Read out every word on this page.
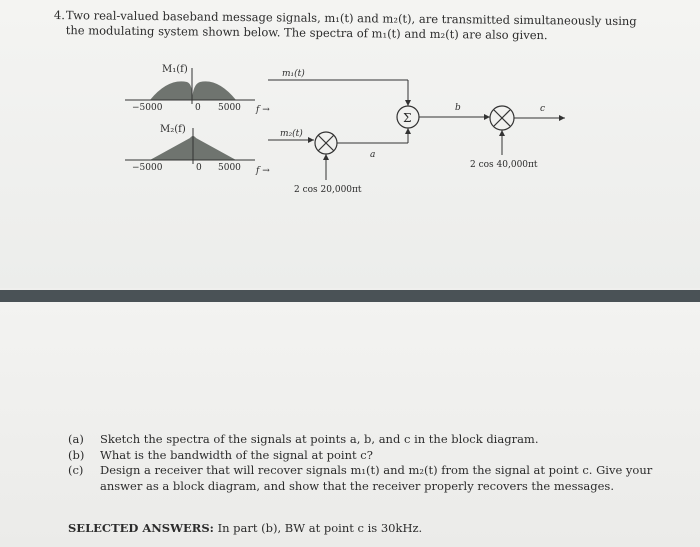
4. Two real-valued baseband message signals, m₁(t) and m₂(t), are transmitted simultaneously using the modulating system shown below. The spectra of m₁(t) and m₂(t) are also given.
M₁(f)
−5000	0 5000 f →
M₂(f)
−5000	0 5000 f →
m₁(t)
m₂(t)
2 cos 20,000πt
a
Σ
b
2 cos 40,000πt
c
(a) Sketch the spectra of the signals at points a, b, and c in the block diagram.
(b) What is the bandwidth of the signal at point c?
(c) Design a receiver that will recover signals m₁(t) and m₂(t) from the signal at point c. Give your answer as a block diagram, and show that the receiver properly recovers the messages.
SELECTED ANSWERS: In part (b), BW at point c is 30kHz.
